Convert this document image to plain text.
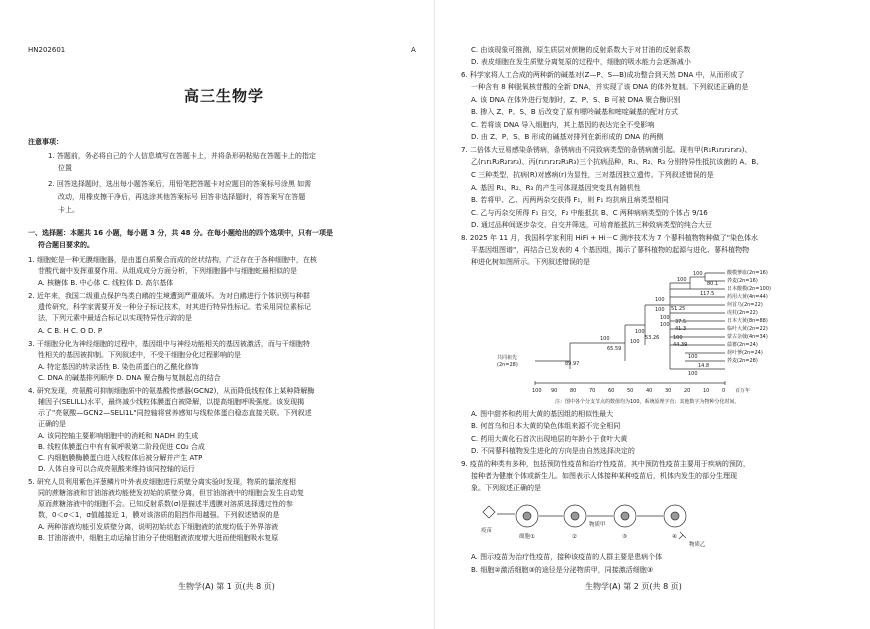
HN202601	A
高三生物学
注意事项：
1. 答题前，务必将自己的个人信息填写在答题卡上，并将条形码粘贴在答题卡上的指定
位置
2. 回答选择题时，选出每小题答案后，用铅笔把答题卡对应题目的答案标号涂黑 如需
改动，用橡皮擦干净后，再选涂其他答案标号 回答非选择题时，将答案写在答题
卡上。
一、选择题：本题共 16 小题，每小题 3 分，共 48 分。在每小题给出的四个选项中，只有一项是
符合题目要求的。
1. 细胞蛇是一种无膜细胞器，是由蛋白质聚合而成的丝状结构，广泛存在于各种细胞中，在核
苷酸代谢中发挥重要作用。从组成成分方面分析，下列细胞器中与细胞蛇最相似的是
A. 核糖体 B. 中心体 C. 线粒体 D. 高尔基体
2. 近年来，我国二级重点保护鸟类白鹇的生境遭到严重破坏。为对白鹇进行个体识别与种群
遗传研究，科学家需要开发一种分子标记技术，对其进行特异性标记。若采用同位素标记
法，下列元素中最适合标记以实现特异性示踪的是
A. C B. H C. O D. P
3. 干细胞分化为神经细胞的过程中，基因组中与神经功能相关的基因被激活，而与干细胞特
性相关的基因被抑制。下列叙述中，不受干细胞分化过程影响的是
A. 特定基因的转录活性 B. 染色质蛋白的乙酰化修饰
C. DNA 的碱基排列顺序 D. DNA 聚合酶与复制起点的结合
4. 研究发现，亮氨酸可抑制细胞质中的氨基酸传感器(GCN2)，从而降低线粒体上某种降解酶
辅因子(SELILL)水平，最终减少线粒体膜蛋白被降解，以提高细胞呼吸强度。该发现揭
示了"亮氨酸—GCN2—SELI1L"同控轴将营养感知与线粒体蛋白稳态直接关联。下列叙述
正确的是
A. 该同控轴主要影响细胞中的消耗和 NADH 的生成
B. 线粒体膜蛋白中有有氧呼吸第二阶段促进 CO₂ 合成
C. 内细胞膜酶膜蛋白进入线粒体后被分解并产生 ATP
D. 人体自身可以合成亮氨酸来维持该同控轴的运行
5. 研究人员利用紫色洋葱鳞片叶外表皮细胞进行质壁分离实验时发现，物质的量浓度相
同的蔗糖溶液和甘油溶液均能使发初始的质壁分离，但甘油溶液中的细胞会发生自动复
原而蔗糖溶液中的细胞不会。已知反射系数(σ)是描述半透膜对溶质选择透过性的参
数，0＜σ＜1，σ值越接近 1，膜对该溶质的阻挡作用越强。下列叙述错误的是
A. 两种溶液均能引发质壁分离，说明初始状态下细胞液的浓度均低于外界溶液
B. 甘油溶液中，细胞主动运输甘油分子使细胞液浓度增大进而使细胞吸水复原
生物学(A) 第 1 页(共 8 页)
C. 由该现象可推测，原生质层对蔗糖的反射系数大于对甘油的反射系数
D. 表皮细胞在发生质壁分离复原的过程中，细胞的吸水能力会逐渐减小
6. 科学家将人工合成的两种新的碱基对(Z—P、S—B)成功整合到天然 DNA 中，从而形成了
一种含有 8 种脱氧核苷酸的全新 DNA，并实现了该 DNA 的体外复制。下列叙述正确的是
A. 该 DNA 在体外进行复制时，Z、P、S、B 可被 DNA 聚合酶识别
B. 掺入 Z、P、S、B 后改变了原有嘌呤碱基和嘧啶碱基的配对方式
C. 若将该 DNA 导入细胞内，其上基因的表达完全不受影响
D. 由 Z、P、S、B 形成的碱基对排列在新形成的 DNA 的两侧
7. 二倍体大豆易感染条锈病，条锈病由不同致病类型的条锈病菌引起。现有甲(R₁R₁r₂r₂r₃r₃)、
乙(r₁r₁R₂R₂r₃r₃)、丙(r₁r₁r₂r₂R₃R₃)三个抗病品种，R₁、R₂、R₃ 分别特异性抵抗该菌的 A、B、
C 三种类型，抗病(R)对感病(r)为显性，三对基因独立遗传。下列叙述错误的是
A. 基因 R₁、R₂、R₃ 的产生可体现基因突变具有随机性
B. 若将甲、乙、丙两两杂交获得 F₁，则 F₁ 均抗病且病类型相同
C. 乙与丙杂交所得 F₁ 自交，F₂ 中能抵抗 B、C 两种病病类型的个体占 9/16
D. 通过品种间逐步杂交、自交并筛选，可培育能抵抗三种致病类型的纯合大豆
8. 2025 年 11 月，我国科学家利用 HiFi + Hi－C 测序技术为 7 个蓼科植物物种做了"染色体水
平基因组图谱"，再结合已发表的 4 个基因组，揭示了蓼科植物的起源与进化、蓼科植物物
种进化树如图所示。下列叙述错误的是
100
80.1
100
117.5
100
100 51.25
100
100 37.5
41.3
100
100
53.26	100
44.39
65.59
100
89.97	14.8
100
100
酸模蓼血(2n=16)
荞麦(2n=16)
日本酸模(2n=100)
药用大黄(4n=44)
何首乌(2n=22)
虎杖(2n=22)
日本大黄(8n=88)
临叶大黄(2n=22)
蒙古杂戟(4n=34)
萹蓄(2n=24)
荷叶蓼(2n=24)
荞麦(2n=28)
共同祖先
(2n=28)
100 90	80	70	60	50	40	30	20	10	0 百万年
注：图中各个分支节点的数值均为100，系统原理字直；其他数字为物种分化时间。
A. 图中甜荞和药用大黄的基因组的相似性最大
B. 何首乌和日本大黄的染色体组来源不完全相同
C. 药用大黄化石首次出现地层的年龄小于食叶大黄
D. 不同蓼科植物发生进化的方向是由自然选择决定的
9. 疫苗的种类有多种，包括预防性疫苗和治疗性疫苗，其中预防性疫苗主要用于疾病的预防，
接种者为健康个体或新生儿。如图表示人体接种某种疫苗后，机体内发生的部分生理现
象。下列叙述正确的是
疫苗
细胞①	②	③
物质甲
④
物质乙
A. 图示疫苗为治疗性疫苗，接种该疫苗的人群主要是患病个体
B. 细胞②激活细胞③的途径是分泌物质甲，同接激活细胞③
生物学(A) 第 2 页(共 8 页)
